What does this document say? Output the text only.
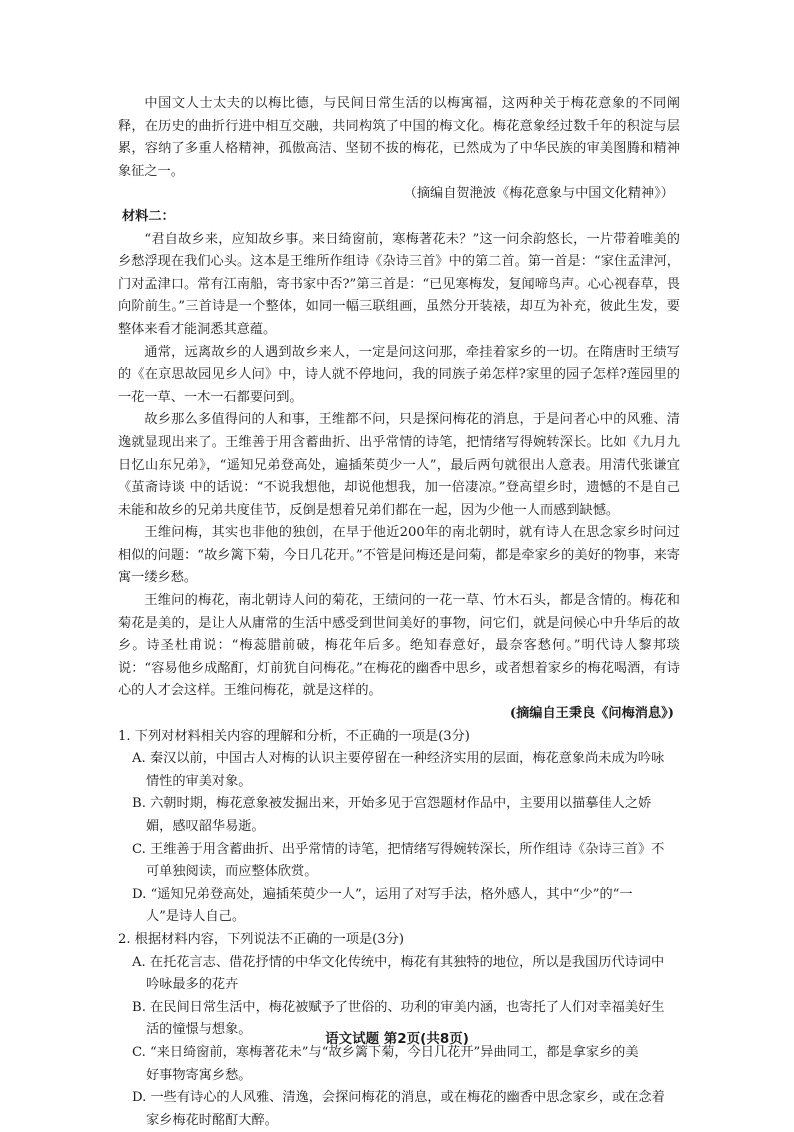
中国文人士太夫的以梅比德，与民间日常生活的以梅寓福，这两种关于梅花意象的不同阐释，在历史的曲折行进中相互交融，共同构筑了中国的梅文化。梅花意象经过数千年的积淀与层累，容纳了多重人格精神，孤傲高洁、坚韧不拔的梅花，已然成为了中华民族的审美图腾和精神象征之一。

（摘编自贺滟波《梅花意象与中国文化精神》）

材料二：

“君自故乡来，应知故乡事。来日绮窗前，寒梅著花未？”这一问余韵悠长，一片带着唯美的乡愁浮现在我们心头。这本是王维所作组诗《杂诗三首》中的第二首。第一首是：“家住孟津河，门对孟津口。常有江南船，寄书家中否?”第三首是：“已见寒梅发，复闻啼鸟声。心心视春草，畏向阶前生。”三首诗是一个整体，如同一幅三联组画，虽然分开装裱，却互为补充，彼此生发，要整体来看才能洞悉其意蕴。

通常，远离故乡的人遇到故乡来人，一定是问这问那，牵挂着家乡的一切。在隋唐时王绩写的《在京思故园见乡人问》中，诗人就不停地问，我的同族子弟怎样?家里的园子怎样?莲园里的一花一草、一木一石都要问到。

故乡那么多值得问的人和事，王维都不问，只是探问梅花的消息，于是问者心中的风雅、清逸就显现出来了。王维善于用含蓄曲折、出乎常情的诗笔，把情绪写得婉转深长。比如《九月九日忆山东兄弟》，“遥知兄弟登高处，遍插茱萸少一人”，最后两句就很出人意表。用清代张谦宜《茧斋诗谈 中的话说：“不说我想他，却说他想我，加一倍凄凉。”登高望乡时，遗憾的不是自己未能和故乡的兄弟共度佳节，反倒是想着兄弟们都在一起，因为少他一人而感到缺憾。

王维问梅，其实也非他的独创，在早于他近200年的南北朝时，就有诗人在思念家乡时问过相似的问题：“故乡篱下菊，今日几花开。”不管是问梅还是问菊，都是牵家乡的美好的物事，来寄寓一缕乡愁。

王维问的梅花，南北朝诗人问的菊花，王绩问的一花一草、竹木石头，都是含情的。梅花和菊花是美的，是让人从庸常的生活中感受到世间美好的事物，问它们，就是问候心中升华后的故乡。诗圣杜甫说：“梅蕊腊前破，梅花年后多。绝知春意好，最奈客愁何。”明代诗人黎邦琰说：“容易他乡成酩酊，灯前犹自问梅花。”在梅花的幽香中思乡，或者想着家乡的梅花喝酒，有诗心的人才会这样。王维问梅花，就是这样的。

(摘编自王秉良《问梅消息》)

1. 下列对材料相关内容的理解和分析，不正确的一项是(3分)

A. 秦汉以前，中国古人对梅的认识主要停留在一种经济实用的层面，梅花意象尚未成为吟咏
情性的审美对象。

B. 六朝时期，梅花意象被发掘出来，开始多见于宫怨题材作品中，主要用以描摹佳人之娇
媚，感叹韶华易逝。

C. 王维善于用含蓄曲折、出乎常情的诗笔，把情绪写得婉转深长，所作组诗《杂诗三首》不
可单独阅读，而应整体欣赏。

D. “遥知兄弟登高处，遍插茱萸少一人”，运用了对写手法，格外感人，其中“少”的“一
人”是诗人自己。

2. 根据材料内容，下列说法不正确的一项是(3分)

A. 在托花言志、借花抒情的中华文化传统中，梅花有其独特的地位，所以是我国历代诗词中
吟咏最多的花卉

B. 在民间日常生活中，梅花被赋予了世俗的、功利的审美内涵，也寄托了人们对幸福美好生
活的憧憬与想象。

C. “来日绮窗前，寒梅著花未”与“故乡篱下菊，今日几花开”异曲同工，都是拿家乡的美
好事物寄寓乡愁。

D. 一些有诗心的人风雅、清逸，会探问梅花的消息，或在梅花的幽香中思念家乡，或在念着
家乡梅花时酩酊大醉。

语文试题 第2页(共8页)
